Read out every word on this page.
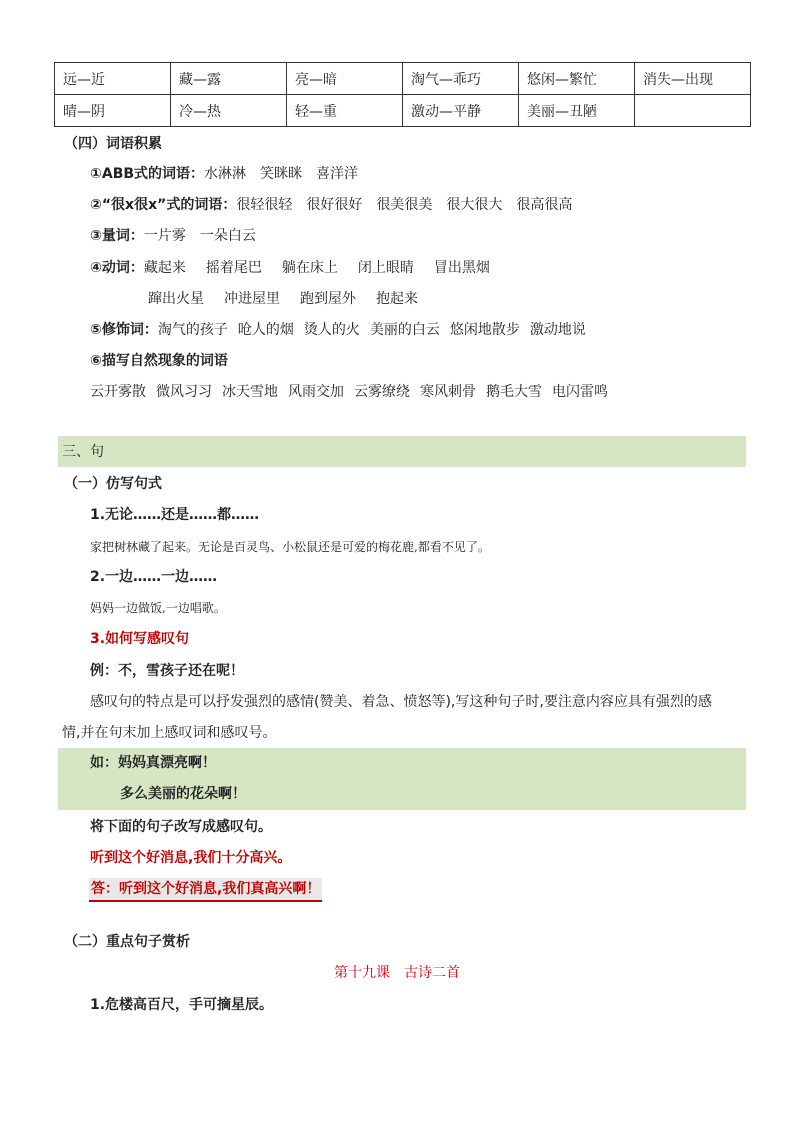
远—近	藏—露	亮—暗	淘气—乖巧	悠闲—繁忙	消失—出现
晴—阴	冷—热	轻—重	激动—平静	美丽—丑陋	
（四）词语积累
①ABB式的词语：水淋淋 笑眯眯 喜洋洋
②“很x很x”式的词语：很轻很轻 很好很好 很美很美 很大很大 很高很高
③量词：一片雾 一朵白云
④动词：藏起来 摇着尾巴 躺在床上 闭上眼睛 冒出黑烟
蹿出火星 冲进屋里 跑到屋外 抱起来
⑤修饰词：淘气的孩子 呛人的烟 烫人的火 美丽的白云 悠闲地散步 激动地说
⑥描写自然现象的词语
云开雾散 微风习习 冰天雪地 风雨交加 云雾缭绕 寒风刺骨 鹅毛大雪 电闪雷鸣
三、句
（一）仿写句式
1.无论……还是……都……
家把树林藏了起来。无论是百灵鸟、小松鼠还是可爱的梅花鹿,都看不见了。
2.一边……一边……
妈妈一边做饭,一边唱歌。
3.如何写感叹句
例：不，雪孩子还在呢！
感叹句的特点是可以抒发强烈的感情(赞美、着急、愤怒等),写这种句子时,要注意内容应具有强烈的感
情,并在句末加上感叹词和感叹号。
如：妈妈真漂亮啊！
多么美丽的花朵啊！
将下面的句子改写成感叹句。
听到这个好消息,我们十分高兴。
答：听到这个好消息,我们真高兴啊！
（二）重点句子赏析
第十九课　古诗二首
1.危楼高百尺，手可摘星辰。
